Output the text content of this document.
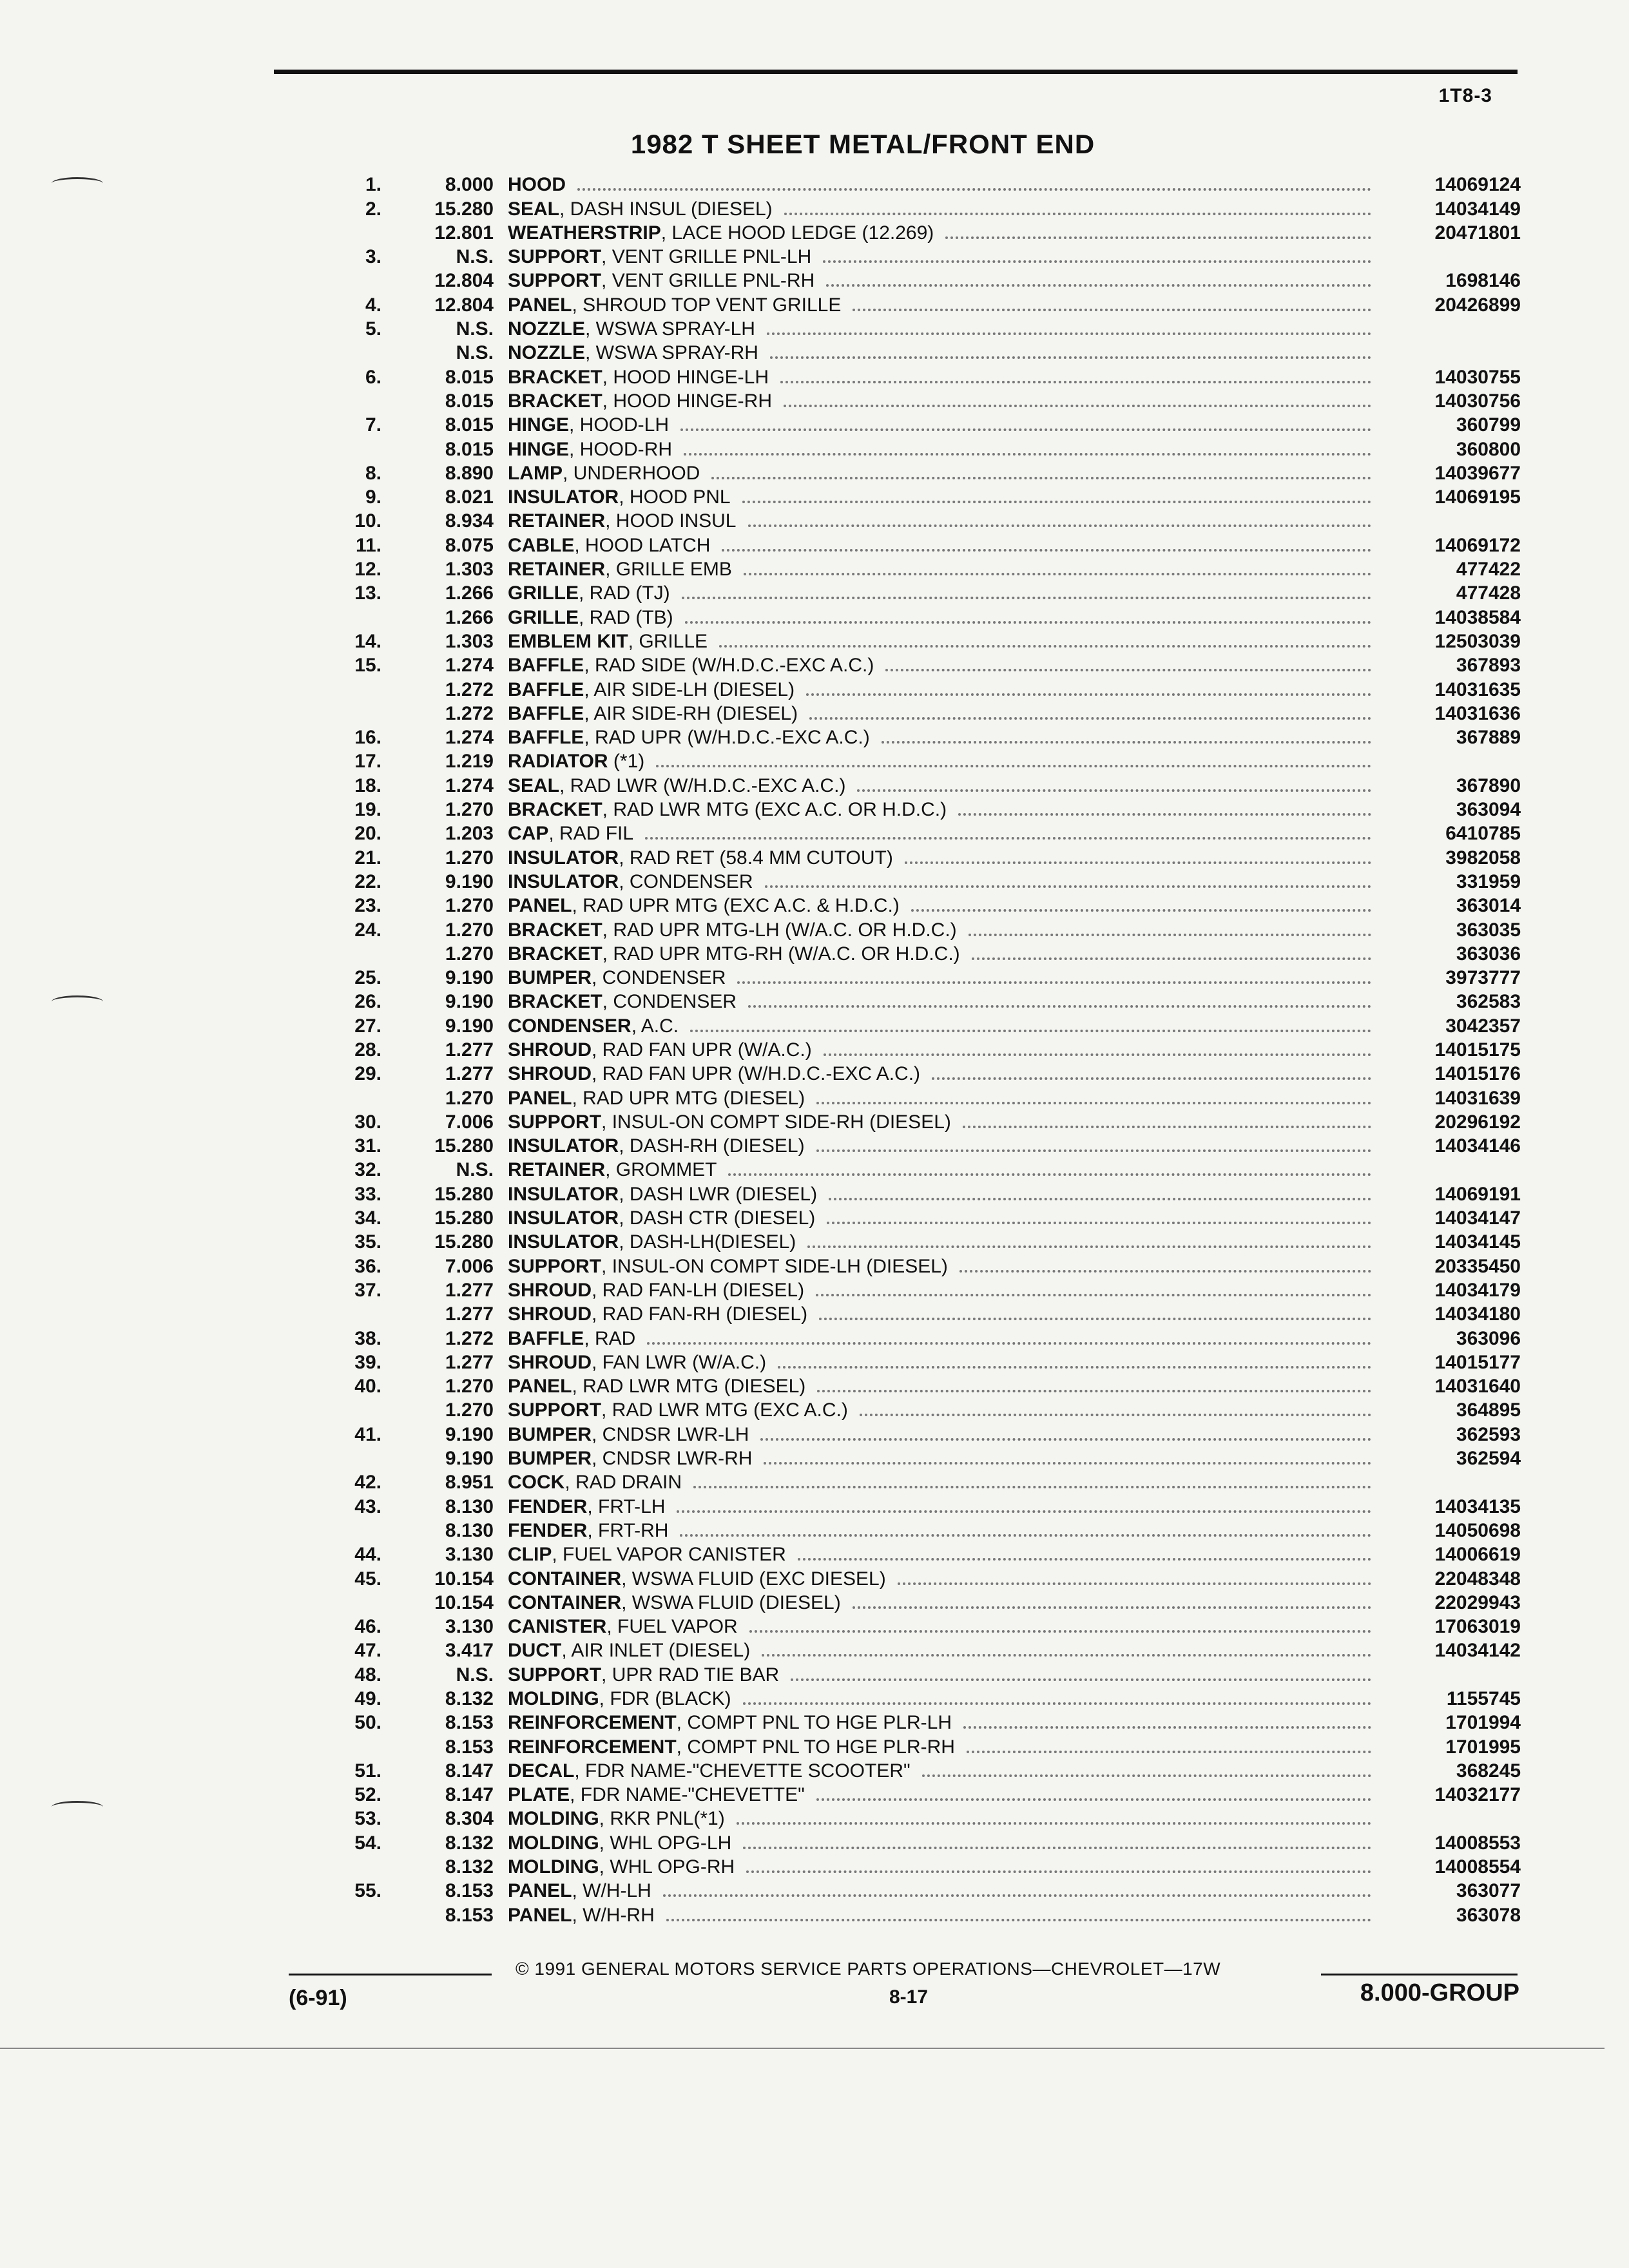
1T8-3
1982 T SHEET METAL/FRONT END
1.	8.000 HOOD	14069124
2.	15.280 SEAL, DASH INSUL (DIESEL)	14034149
12.801 WEATHERSTRIP, LACE HOOD LEDGE (12.269)	20471801
3.	N.S. SUPPORT, VENT GRILLE PNL-LH
12.804 SUPPORT, VENT GRILLE PNL-RH	1698146
4.	12.804 PANEL, SHROUD TOP VENT GRILLE	20426899
5.	N.S. NOZZLE, WSWA SPRAY-LH
N.S. NOZZLE, WSWA SPRAY-RH
6.	8.015 BRACKET, HOOD HINGE-LH	14030755
8.015 BRACKET, HOOD HINGE-RH	14030756
7.	8.015 HINGE, HOOD-LH	360799
8.015 HINGE, HOOD-RH	360800
8.	8.890 LAMP, UNDERHOOD	14039677
9.	8.021 INSULATOR, HOOD PNL	14069195
10.	8.934 RETAINER, HOOD INSUL
11.	8.075 CABLE, HOOD LATCH	14069172
12.	1.303 RETAINER, GRILLE EMB	477422
13.	1.266 GRILLE, RAD (TJ)	477428
1.266 GRILLE, RAD (TB)	14038584
14.	1.303 EMBLEM KIT, GRILLE	12503039
15.	1.274 BAFFLE, RAD SIDE (W/H.D.C.-EXC A.C.)	367893
1.272 BAFFLE, AIR SIDE-LH (DIESEL)	14031635
1.272 BAFFLE, AIR SIDE-RH (DIESEL)	14031636
16.	1.274 BAFFLE, RAD UPR (W/H.D.C.-EXC A.C.)	367889
17.	1.219 RADIATOR (*1)
18.	1.274 SEAL, RAD LWR (W/H.D.C.-EXC A.C.)	367890
19.	1.270 BRACKET, RAD LWR MTG (EXC A.C. OR H.D.C.)	363094
20.	1.203 CAP, RAD FIL	6410785
21.	1.270 INSULATOR, RAD RET (58.4 MM CUTOUT)	3982058
22.	9.190 INSULATOR, CONDENSER	331959
23.	1.270 PANEL, RAD UPR MTG (EXC A.C. & H.D.C.)	363014
24.	1.270 BRACKET, RAD UPR MTG-LH (W/A.C. OR H.D.C.)	363035
1.270 BRACKET, RAD UPR MTG-RH (W/A.C. OR H.D.C.)	363036
25.	9.190 BUMPER, CONDENSER	3973777
26.	9.190 BRACKET, CONDENSER	362583
27.	9.190 CONDENSER, A.C.	3042357
28.	1.277 SHROUD, RAD FAN UPR (W/A.C.)	14015175
29.	1.277 SHROUD, RAD FAN UPR (W/H.D.C.-EXC A.C.)	14015176
1.270 PANEL, RAD UPR MTG (DIESEL)	14031639
30.	7.006 SUPPORT, INSUL-ON COMPT SIDE-RH (DIESEL)	20296192
31.	15.280 INSULATOR, DASH-RH (DIESEL)	14034146
32.	N.S. RETAINER, GROMMET
33.	15.280 INSULATOR, DASH LWR (DIESEL)	14069191
34.	15.280 INSULATOR, DASH CTR (DIESEL)	14034147
35.	15.280 INSULATOR, DASH-LH(DIESEL)	14034145
36.	7.006 SUPPORT, INSUL-ON COMPT SIDE-LH (DIESEL)	20335450
37.	1.277 SHROUD, RAD FAN-LH (DIESEL)	14034179
1.277 SHROUD, RAD FAN-RH (DIESEL)	14034180
38.	1.272 BAFFLE, RAD	363096
39.	1.277 SHROUD, FAN LWR (W/A.C.)	14015177
40.	1.270 PANEL, RAD LWR MTG (DIESEL)	14031640
1.270 SUPPORT, RAD LWR MTG (EXC A.C.)	364895
41.	9.190 BUMPER, CNDSR LWR-LH	362593
9.190 BUMPER, CNDSR LWR-RH	362594
42.	8.951 COCK, RAD DRAIN
43.	8.130 FENDER, FRT-LH	14034135
8.130 FENDER, FRT-RH	14050698
44.	3.130 CLIP, FUEL VAPOR CANISTER	14006619
45.	10.154 CONTAINER, WSWA FLUID (EXC DIESEL)	22048348
10.154 CONTAINER, WSWA FLUID (DIESEL)	22029943
46.	3.130 CANISTER, FUEL VAPOR	17063019
47.	3.417 DUCT, AIR INLET (DIESEL)	14034142
48.	N.S. SUPPORT, UPR RAD TIE BAR
49.	8.132 MOLDING, FDR (BLACK)	1155745
50.	8.153 REINFORCEMENT, COMPT PNL TO HGE PLR-LH	1701994
8.153 REINFORCEMENT, COMPT PNL TO HGE PLR-RH	1701995
51.	8.147 DECAL, FDR NAME-"CHEVETTE SCOOTER"	368245
52.	8.147 PLATE, FDR NAME-"CHEVETTE"	14032177
53.	8.304 MOLDING, RKR PNL(*1)
54.	8.132 MOLDING, WHL OPG-LH	14008553
8.132 MOLDING, WHL OPG-RH	14008554
55.	8.153 PANEL, W/H-LH	363077
8.153 PANEL, W/H-RH	363078
© 1991 GENERAL MOTORS SERVICE PARTS OPERATIONS—CHEVROLET—17W
(6-91)	8-17	8.000-GROUP
